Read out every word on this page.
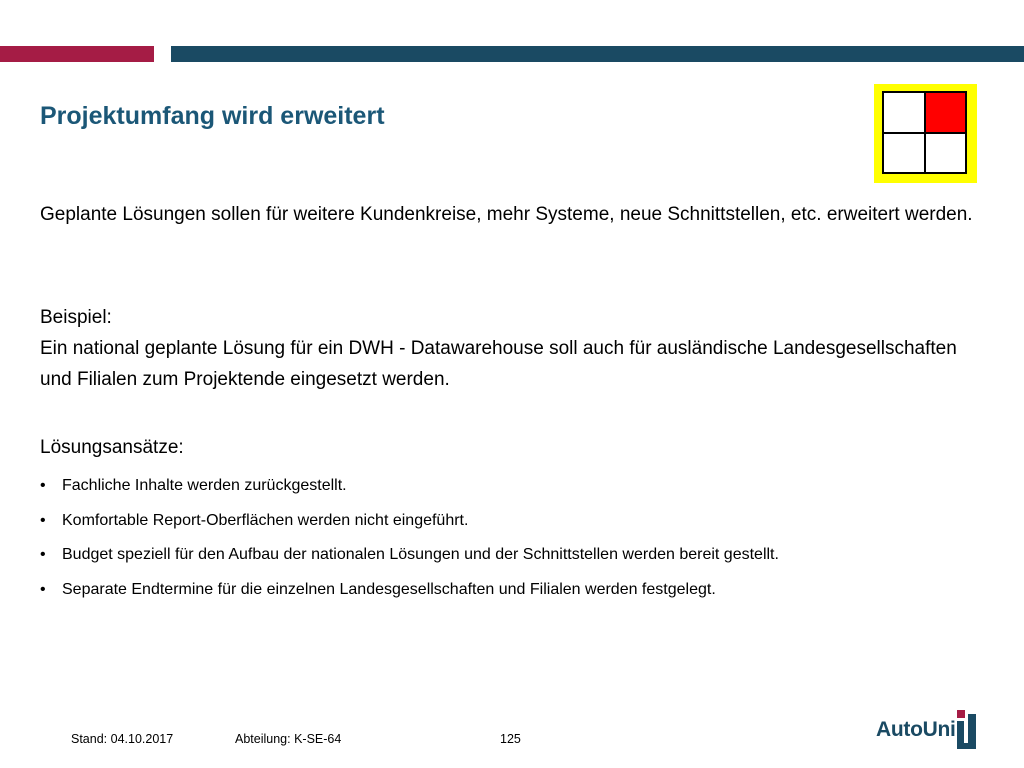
Projektumfang wird erweitert
Geplante Lösungen sollen für weitere Kundenkreise, mehr Systeme, neue Schnittstellen, etc. erweitert werden.
Beispiel:
Ein national geplante Lösung für ein DWH - Datawarehouse soll auch für ausländische Landesgesellschaften und Filialen zum Projektende eingesetzt werden.
Lösungsansätze:
• Fachliche Inhalte werden zurückgestellt.
• Komfortable Report-Oberflächen werden nicht eingeführt.
• Budget speziell für den Aufbau der nationalen Lösungen und der Schnittstellen werden bereit gestellt.
• Separate Endtermine für die einzelnen Landesgesellschaften und Filialen werden festgelegt.
Stand: 04.10.2017	Abteilung: K-SE-64	125	AutoUni
